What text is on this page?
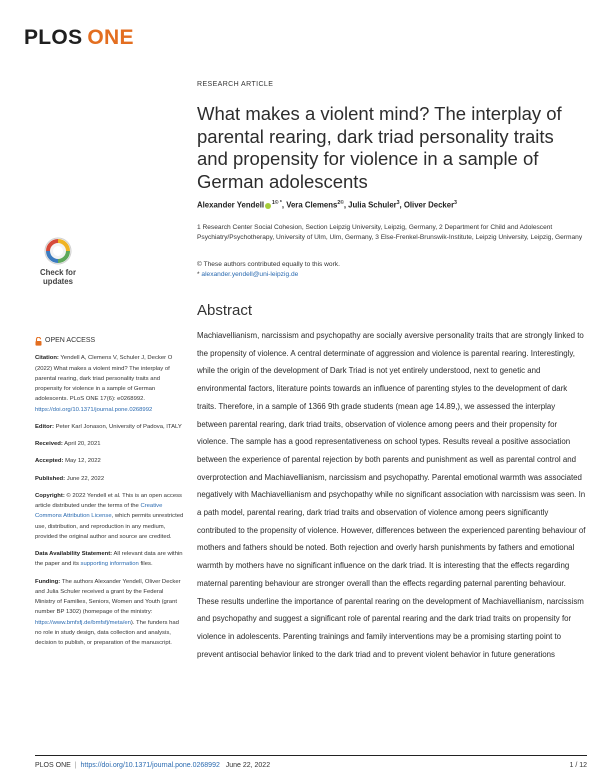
PLOS ONE
Check for updates
RESEARCH ARTICLE
What makes a violent mind? The interplay of parental rearing, dark triad personality traits and propensity for violence in a sample of German adolescents
Alexander Yendell $^{1© *}$, Vera Clemens$^{2©}$, Julia Schuler$^3$, Oliver Decker$^3$
1 Research Center Social Cohesion, Section Leipzig University, Leipzig, Germany, 2 Department for Child and Adolescent Psychiatry/Psychotherapy, University of Ulm, Ulm, Germany, 3 Else-Frenkel-Brunswik-Institute, Leipzig University, Leipzig, Germany
© These authors contributed equally to this work.
* alexander.yendell@uni-leipzig.de
Abstract

Machiavellianism, narcissism and psychopathy are socially aversive personality traits that are strongly linked to the propensity of violence. A central determinate of aggression and violence is parental rearing. Interestingly, while the origin of the development of Dark Triad is not yet entirely understood, next to genetic and environmental factors, literature points towards an influence of parenting styles to the development of dark traits. Therefore, in a sample of 1366 9th grade students (mean age 14.89,), we assessed the interplay between parental rearing, dark triad traits, observation of violence among peers and their propensity for violence. The sample has a good representativeness on school types. Results reveal a positive association between the experience of parental rejection by both parents and punishment as well as parental control and overprotection and Machiavellianism, narcissism and psychopathy. Parental emotional warmth was associated negatively with Machiavellianism and psychopathy while no significant association with narcissism was seen. In a path model, parental rearing, dark triad traits and observation of violence among peers significantly contributed to the propensity of violence. However, differences between the experienced parenting behaviour of mothers and fathers should be noted. Both rejection and overly harsh punishments by fathers and emotional warmth by mothers have no significant influence on the dark triad. It is interesting that the effects regarding maternal parenting behaviour are stronger overall than the effects regarding paternal parenting behaviour. These results underline the importance of parental rearing on the development of Machiavellianism, narcissism and psychopathy and suggest a significant role of parental rearing and the dark triad traits on propensity for violence in adolescents. Parenting trainings and family interventions may be a promising starting point to prevent antisocial behavior linked to the dark triad and to prevent violent behavior in future generations

OPEN ACCESS

Citation: Yendell A, Clemens V, Schuler J, Decker O (2022) What makes a violent mind? The interplay of parental rearing, dark triad personality traits and propensity for violence in a sample of German adolescents. PLoS ONE 17(6): e0268992. https://doi.org/10.1371/journal.pone.0268992

Editor: Peter Karl Jonason, University of Padova, ITALY

Received: April 20, 2021

Accepted: May 12, 2022

Published: June 22, 2022

Copyright: © 2022 Yendell et al. This is an open access article distributed under the terms of the Creative Commons Attribution License, which permits unrestricted use, distribution, and reproduction in any medium, provided the original author and source are credited.

Data Availability Statement: All relevant data are within the paper and its supporting information files.

Funding: The authors Alexander Yendell, Oliver Decker and Julia Schuler received a grant by the Federal Ministry of Families, Seniors, Women and Youth (grant number BP 1302) (homepage of the ministry: https://www.bmfsfj.de/bmfsfj/meta/en). The funders had no role in study design, data collection and analysis, decision to publish, or preparation of the manuscript.

PLOS ONE | https://doi.org/10.1371/journal.pone.0268992 June 22, 2022	1 / 12
